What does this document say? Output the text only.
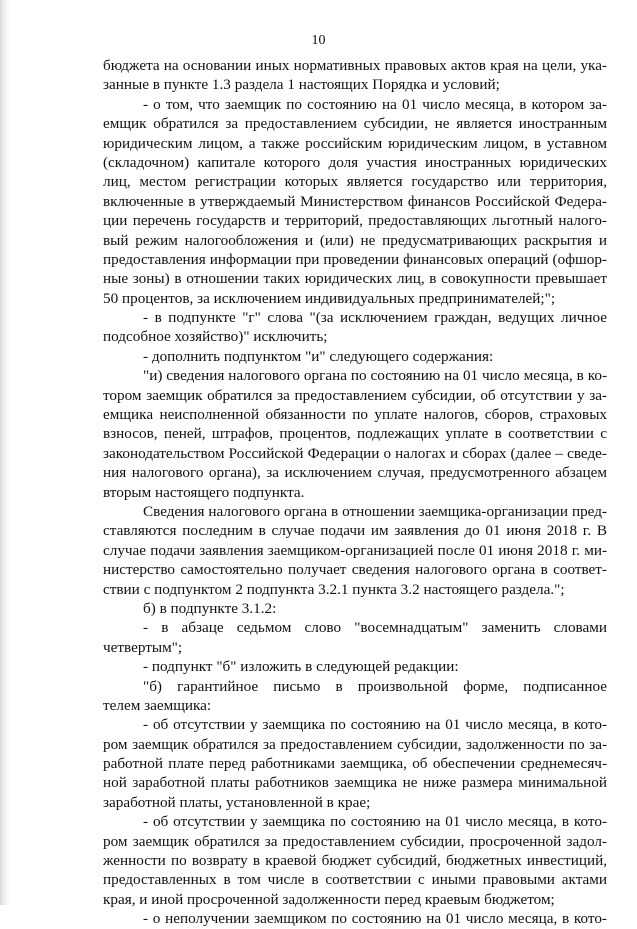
10
бюджета на основании иных нормативных правовых актов края на цели, ука-
занные в пункте 1.3 раздела 1 настоящих Порядка и условий;
- о том, что заемщик по состоянию на 01 число месяца, в котором за-
емщик обратился за предоставлением субсидии, не является иностранным
юридическим лицом, а также российским юридическим лицом, в уставном
(складочном) капитале которого доля участия иностранных юридических
лиц, местом регистрации которых является государство или территория,
включенные в утверждаемый Министерством финансов Российской Федера-
ции перечень государств и территорий, предоставляющих льготный налого-
вый режим налогообложения и (или) не предусматривающих раскрытия и
предоставления информации при проведении финансовых операций (офшор-
ные зоны) в отношении таких юридических лиц, в совокупности превышает
50 процентов, за исключением индивидуальных предпринимателей;";
- в подпункте "г" слова "(за исключением граждан, ведущих личное
подсобное хозяйство)" исключить;
- дополнить подпунктом "и" следующего содержания:
"и) сведения налогового органа по состоянию на 01 число месяца, в ко-
тором заемщик обратился за предоставлением субсидии, об отсутствии у за-
емщика неисполненной обязанности по уплате налогов, сборов, страховых
взносов, пеней, штрафов, процентов, подлежащих уплате в соответствии с
законодательством Российской Федерации о налогах и сборах (далее – сведе-
ния налогового органа), за исключением случая, предусмотренного абзацем
вторым настоящего подпункта.
Сведения налогового органа в отношении заемщика-организации пред-
ставляются последним в случае подачи им заявления до 01 июня 2018 г. В
случае подачи заявления заемщиком-организацией после 01 июня 2018 г. ми-
нистерство самостоятельно получает сведения налогового органа в соответ-
ствии с подпунктом 2 подпункта 3.2.1 пункта 3.2 настоящего раздела.";
б) в подпункте 3.1.2:
- в абзаце седьмом слово "восемнадцатым" заменить словами
четвертым";
- подпункт "б" изложить в следующей редакции:
"б) гарантийное письмо в произвольной форме, подписанное
телем заемщика:
- об отсутствии у заемщика по состоянию на 01 число месяца, в кото-
ром заемщик обратился за предоставлением субсидии, задолженности по за-
работной плате перед работниками заемщика, об обеспечении среднемесяч-
ной заработной платы работников заемщика не ниже размера минимальной
заработной платы, установленной в крае;
- об отсутствии у заемщика по состоянию на 01 число месяца, в кото-
ром заемщик обратился за предоставлением субсидии, просроченной задол-
женности по возврату в краевой бюджет субсидий, бюджетных инвестиций,
предоставленных в том числе в соответствии с иными правовыми актами
края, и иной просроченной задолженности перед краевым бюджетом;
- о неполучении заемщиком по состоянию на 01 число месяца, в кото-
